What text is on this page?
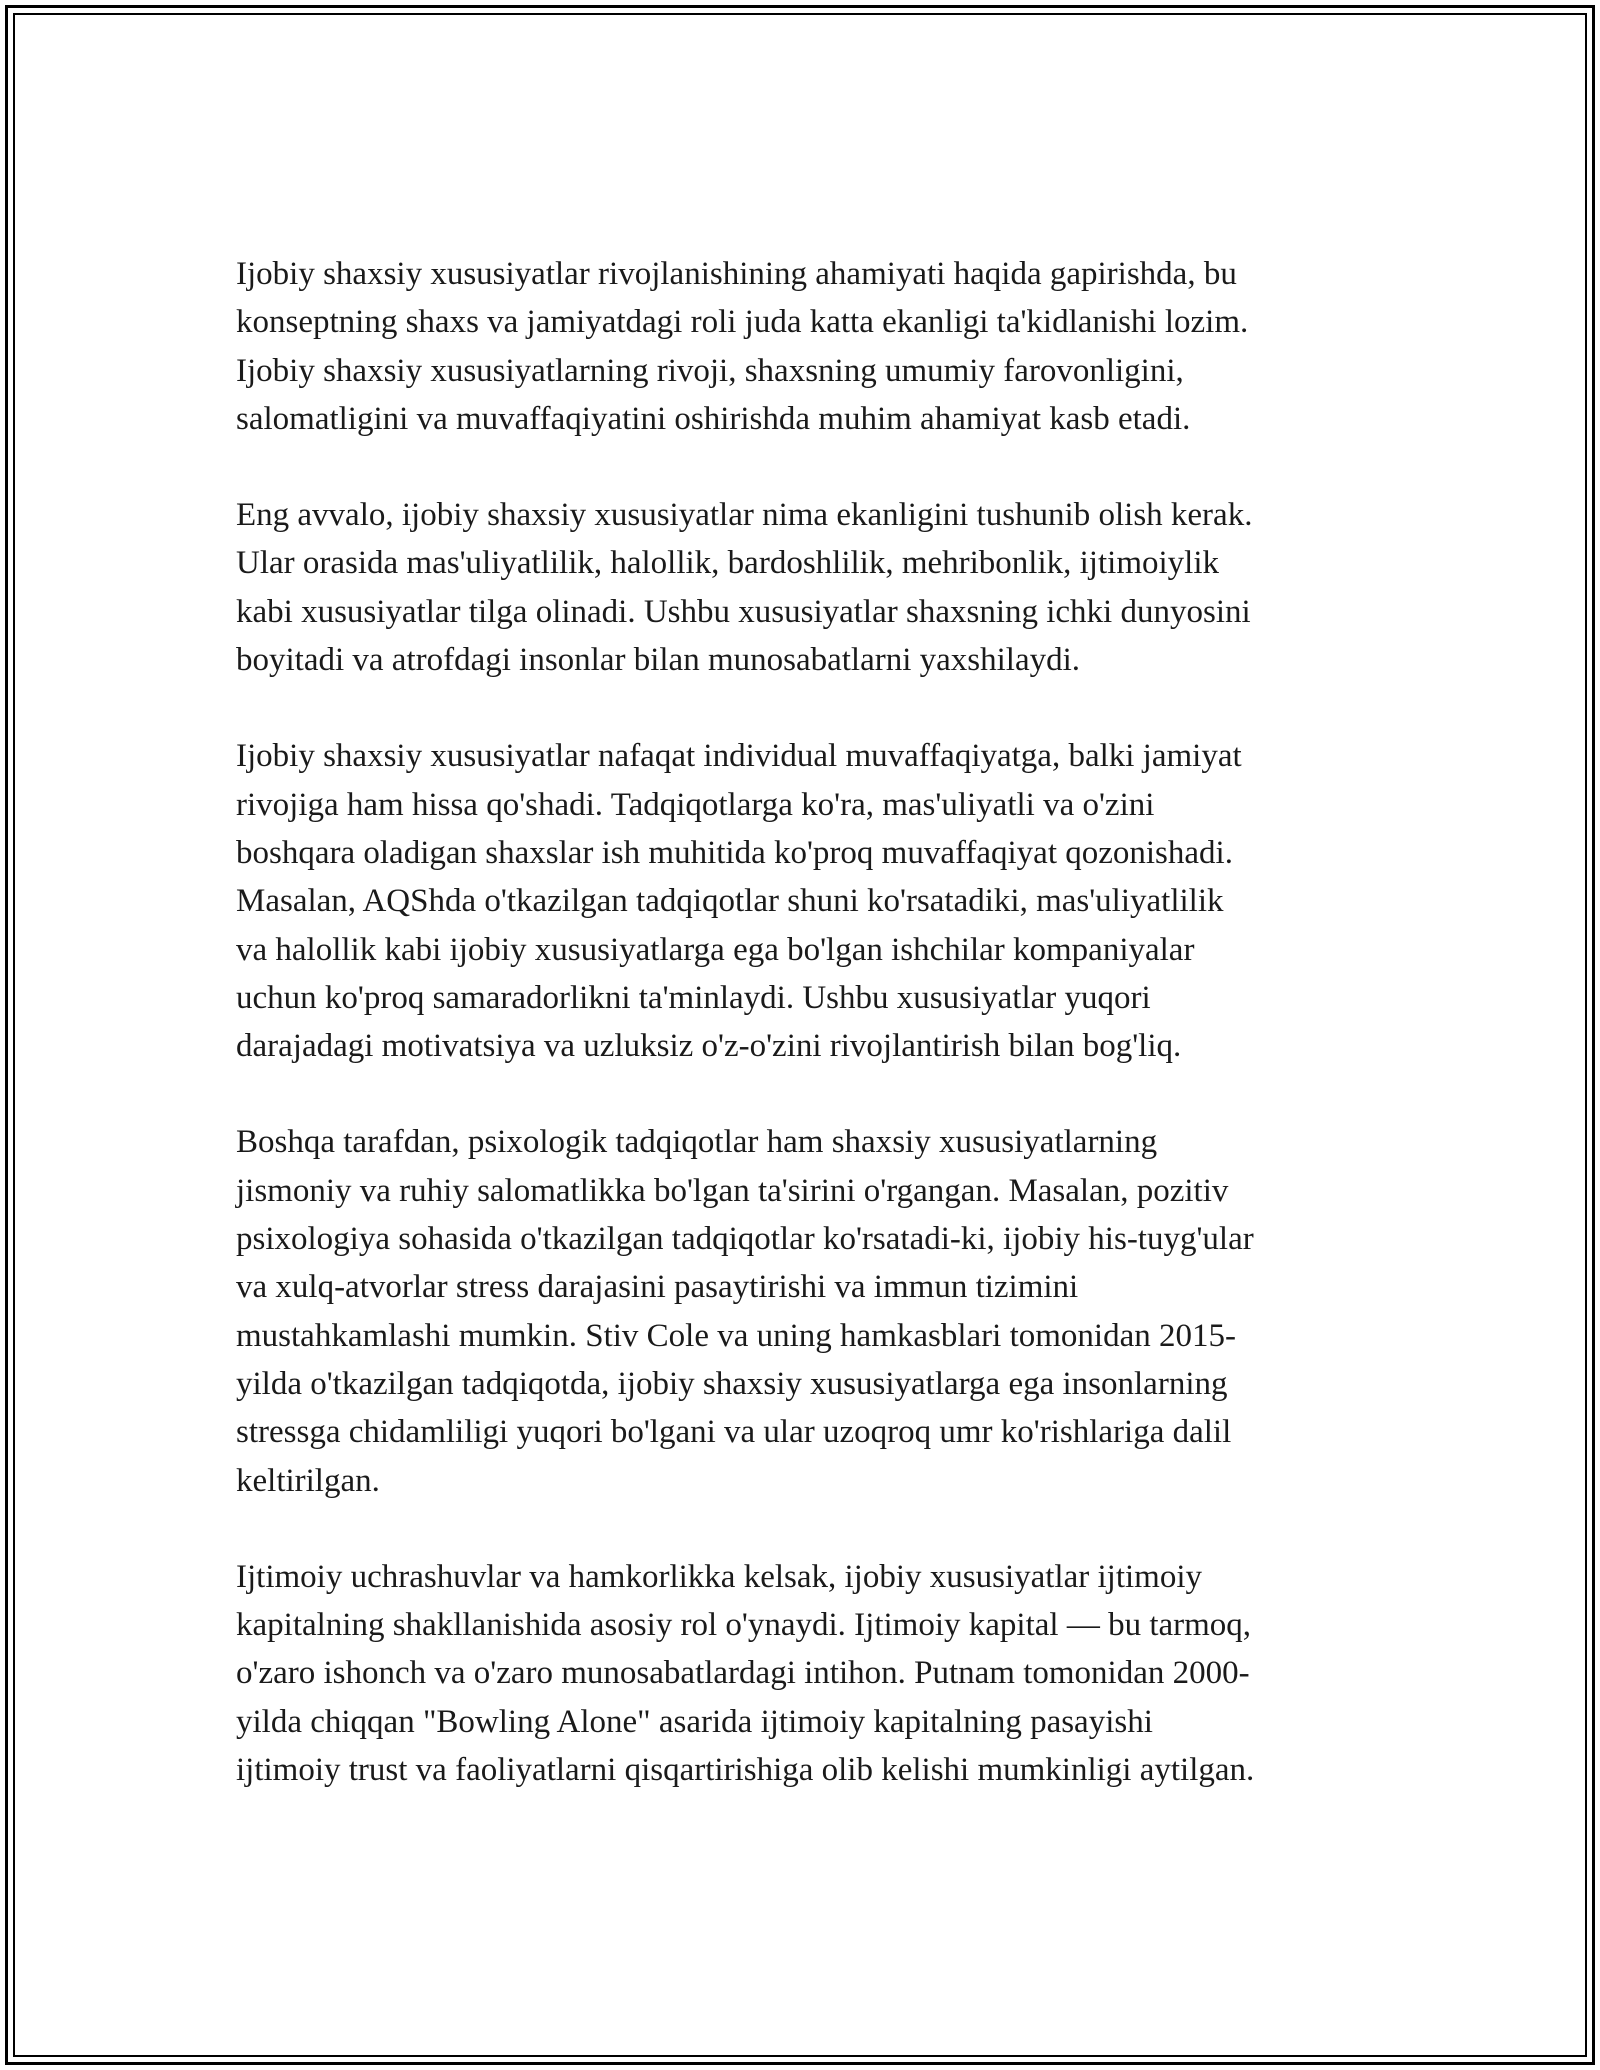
Ijobiy shaxsiy xususiyatlar rivojlanishining ahamiyati haqida gapirishda, bu
konseptning shaxs va jamiyatdagi roli juda katta ekanligi ta'kidlanishi lozim.
Ijobiy shaxsiy xususiyatlarning rivoji, shaxsning umumiy farovonligini,
salomatligini va muvaffaqiyatini oshirishda muhim ahamiyat kasb etadi.

Eng avvalo, ijobiy shaxsiy xususiyatlar nima ekanligini tushunib olish kerak.
Ular orasida mas'uliyatlilik, halollik, bardoshlilik, mehribonlik, ijtimoiylik
kabi xususiyatlar tilga olinadi. Ushbu xususiyatlar shaxsning ichki dunyosini
boyitadi va atrofdagi insonlar bilan munosabatlarni yaxshilaydi.

Ijobiy shaxsiy xususiyatlar nafaqat individual muvaffaqiyatga, balki jamiyat
rivojiga ham hissa qo'shadi. Tadqiqotlarga ko'ra, mas'uliyatli va o'zini
boshqara oladigan shaxslar ish muhitida ko'proq muvaffaqiyat qozonishadi.
Masalan, AQShda o'tkazilgan tadqiqotlar shuni ko'rsatadiki, mas'uliyatlilik
va halollik kabi ijobiy xususiyatlarga ega bo'lgan ishchilar kompaniyalar
uchun ko'proq samaradorlikni ta'minlaydi. Ushbu xususiyatlar yuqori
darajadagi motivatsiya va uzluksiz o'z-o'zini rivojlantirish bilan bog'liq.

Boshqa tarafdan, psixologik tadqiqotlar ham shaxsiy xususiyatlarning
jismoniy va ruhiy salomatlikka bo'lgan ta'sirini o'rgangan. Masalan, pozitiv
psixologiya sohasida o'tkazilgan tadqiqotlar ko'rsatadi-ki, ijobiy his-tuyg'ular
va xulq-atvorlar stress darajasini pasaytirishi va immun tizimini
mustahkamlashi mumkin. Stiv Cole va uning hamkasblari tomonidan 2015-
yilda o'tkazilgan tadqiqotda, ijobiy shaxsiy xususiyatlarga ega insonlarning
stressga chidamliligi yuqori bo'lgani va ular uzoqroq umr ko'rishlariga dalil
keltirilgan.

Ijtimoiy uchrashuvlar va hamkorlikka kelsak, ijobiy xususiyatlar ijtimoiy
kapitalning shakllanishida asosiy rol o'ynaydi. Ijtimoiy kapital — bu tarmoq,
o'zaro ishonch va o'zaro munosabatlardagi intihon. Putnam tomonidan 2000-
yilda chiqqan "Bowling Alone" asarida ijtimoiy kapitalning pasayishi
ijtimoiy trust va faoliyatlarni qisqartirishiga olib kelishi mumkinligi aytilgan.
